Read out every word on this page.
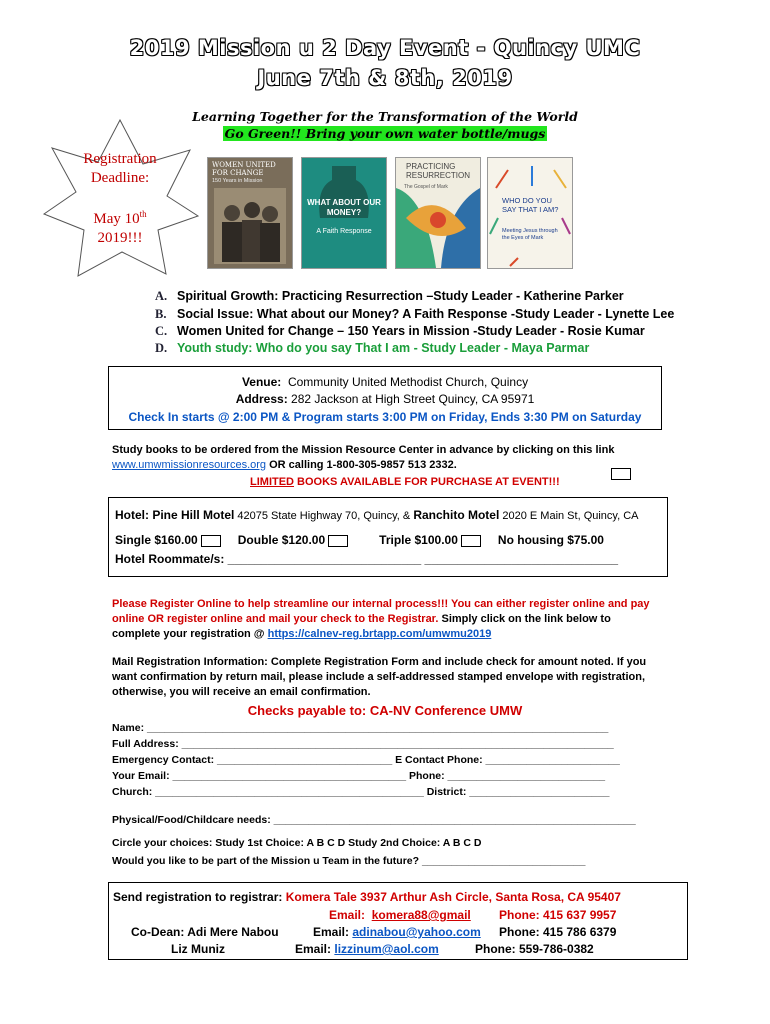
2019 Mission u 2 Day Event - Quincy UMC
June 7th & 8th, 2019
Learning Together for the Transformation of the World
Go Green!! Bring your own water bottle/mugs
Registration
Deadline:
May 10th
2019!!!
WOMEN UNITED FOR CHANGE
150 Years in Mission
WHAT ABOUT OUR MONEY?
A Faith Response
PRACTICING RESURRECTION
The Gospel of Mark
WHO DO YOU SAY THAT I AM?
Meeting Jesus through the Eyes of Mark
A. Spiritual Growth: Practicing Resurrection –Study Leader - Katherine Parker
B. Social Issue: What about our Money? A Faith Response -Study Leader - Lynette Lee
C. Women United for Change – 150 Years in Mission -Study Leader - Rosie Kumar
D. Youth study: Who do you say That I am - Study Leader - Maya Parmar
Venue: Community United Methodist Church, Quincy
Address: 282 Jackson at High Street Quincy, CA 95971
Check In starts @ 2:00 PM & Program starts 3:00 PM on Friday, Ends 3:30 PM on Saturday
Study books to be ordered from the Mission Resource Center in advance by clicking on this link
www.umwmissionresources.org OR calling 1-800-305-9857 513 2332.
LIMITED BOOKS AVAILABLE FOR PURCHASE AT EVENT!!!
Hotel: Pine Hill Motel 42075 State Highway 70, Quincy, & Ranchito Motel 2020 E Main St, Quincy, CA
Single $160.00	Double $120.00	Triple $100.00	No housing $75.00
Hotel Roommate/s: _____________________________ _____________________________
Please Register Online to help streamline our internal process!!! You can either register online and pay online OR register online and mail your check to the Registrar. Simply click on the link below to complete your registration @ https://calnev-reg.brtapp.com/umwmu2019
Mail Registration Information: Complete Registration Form and include check for amount noted. If you want confirmation by return mail, please include a self-addressed stamped envelope with registration, otherwise, you will receive an email confirmation.
Checks payable to: CA-NV Conference UMW
Name: _______________________________________________________________________________
Full Address: __________________________________________________________________________
Emergency Contact: ______________________________ E Contact Phone: _______________________
Your Email: ________________________________________ Phone: ___________________________
Church: ______________________________________________ District: ________________________
Physical/Food/Childcare needs: ______________________________________________________________
Circle your choices: Study 1st Choice: A B C D Study 2nd Choice: A B C D
Would you like to be part of the Mission u Team in the future? ____________________________
Send registration to registrar: Komera Tale 3937 Arthur Ash Circle, Santa Rosa, CA 95407
Email:  komera88@gmail Phone: 415 637 9957
Co-Dean: Adi Mere Nabou	Email: adinabou@yahoo.com Phone: 415 786 6379
Liz Muniz	Email: lizzinum@aol.com	Phone: 559-786-0382
